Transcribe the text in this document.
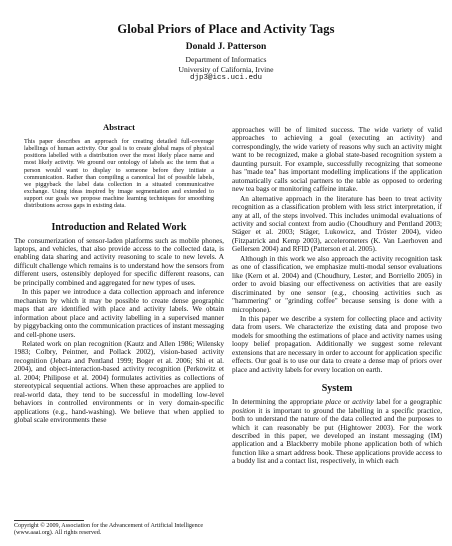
Global Priors of Place and Activity Tags
Donald J. Patterson
Department of Informatics
University of California, Irvine
djp3@ics.uci.edu
Abstract

This paper describes an approach for creating detailed full-coverage labellings of human activity. Our goal is to create global maps of physical positions labelled with a distribution over the most likely place name and most likely activity. We ground our ontology of labels as: the term that a person would want to display to someone before they initiate a communication. Rather than compiling a canonical list of possible labels, we piggyback the label data collection in a situated communicative exchange. Using ideas inspired by image segmentation and extended to support our goals we propose machine learning techniques for smoothing distributions across gaps in existing data.

Introduction and Related Work

The consumerization of sensor-laden platforms such as mobile phones, laptops, and vehicles, that also provide access to the collected data, is enabling data sharing and activity reasoning to scale to new levels. A difficult challenge which remains is to understand how the sensors from different users, ostensibly deployed for specific different reasons, can be principally combined and aggregated for new types of uses.

In this paper we introduce a data collection approach and inference mechanism by which it may be possible to create dense geographic maps that are identified with place and activity labels. We obtain information about place and activity labelling in a supervised manner by piggybacking onto the communication practices of instant messaging and cell-phone users.

Related work on plan recognition (Kautz and Allen 1986; Wilensky 1983; Colbry, Peintner, and Pollack 2002), vision-based activity recognition (Jebara and Pentland 1999; Boger et al. 2006; Shi et al. 2004), and object-interaction-based activity recognition (Perkowitz et al. 2004; Philipose et al. 2004) formulates activities as collections of stereotypical sequential actions. When these approaches are applied to real-world data, they tend to be successful in modelling low-level behaviors in controlled environments or in very domain-specific applications (e.g., hand-washing). We believe that when applied to global scale environments these

Copyright © 2009, Association for the Advancement of Artificial Intelligence (www.aaai.org). All rights reserved.

approaches will be of limited success. The wide variety of valid approaches to achieving a goal (executing an activity) and correspondingly, the wide variety of reasons why such an activity might want to be recognized, make a global state-based recognition system a daunting pursuit. For example, successfully recognizing that someone has "made tea" has important modelling implications if the application automatically calls social partners to the table as opposed to ordering new tea bags or monitoring caffeine intake.

An alternative approach in the literature has been to treat activity recognition as a classification problem with less strict interpretation, if any at all, of the steps involved. This includes unimodal evaluations of activity and social context from audio (Choudhury and Pentland 2003; Stäger et al. 2003; Stäger, Lukowicz, and Tröster 2004), video (Fitzpatrick and Kemp 2003), accelerometers (K. Van Laerhoven and Gellersen 2004) and RFID (Patterson et al. 2005).

Although in this work we also approach the activity recognition task as one of classification, we emphasize multi-modal sensor evaluations like (Kern et al. 2004) and (Choudhury, Lester, and Borriello 2005) in order to avoid biasing our effectiveness on activities that are easily discriminated by one sensor (e.g., choosing activities such as "hammering" or "grinding coffee" because sensing is done with a microphone).

In this paper we describe a system for collecting place and activity data from users. We characterize the existing data and propose two models for smoothing the estimations of place and activity names using loopy belief propagation. Additionally we suggest some relevant extensions that are necessary in order to account for application specific effects. Our goal is to use our data to create a dense map of priors over place and activity labels for every location on earth.

System

In determining the appropriate place or activity label for a geographic position it is important to ground the labelling in a specific practice, both to understand the nature of the data collected and the purposes to which it can reasonably be put (Hightower 2003). For the work described in this paper, we developed an instant messaging (IM) application and a Blackberry mobile phone application both of which function like a smart address book. These applications provide access to a buddy list and a contact list, respectively, in which each
